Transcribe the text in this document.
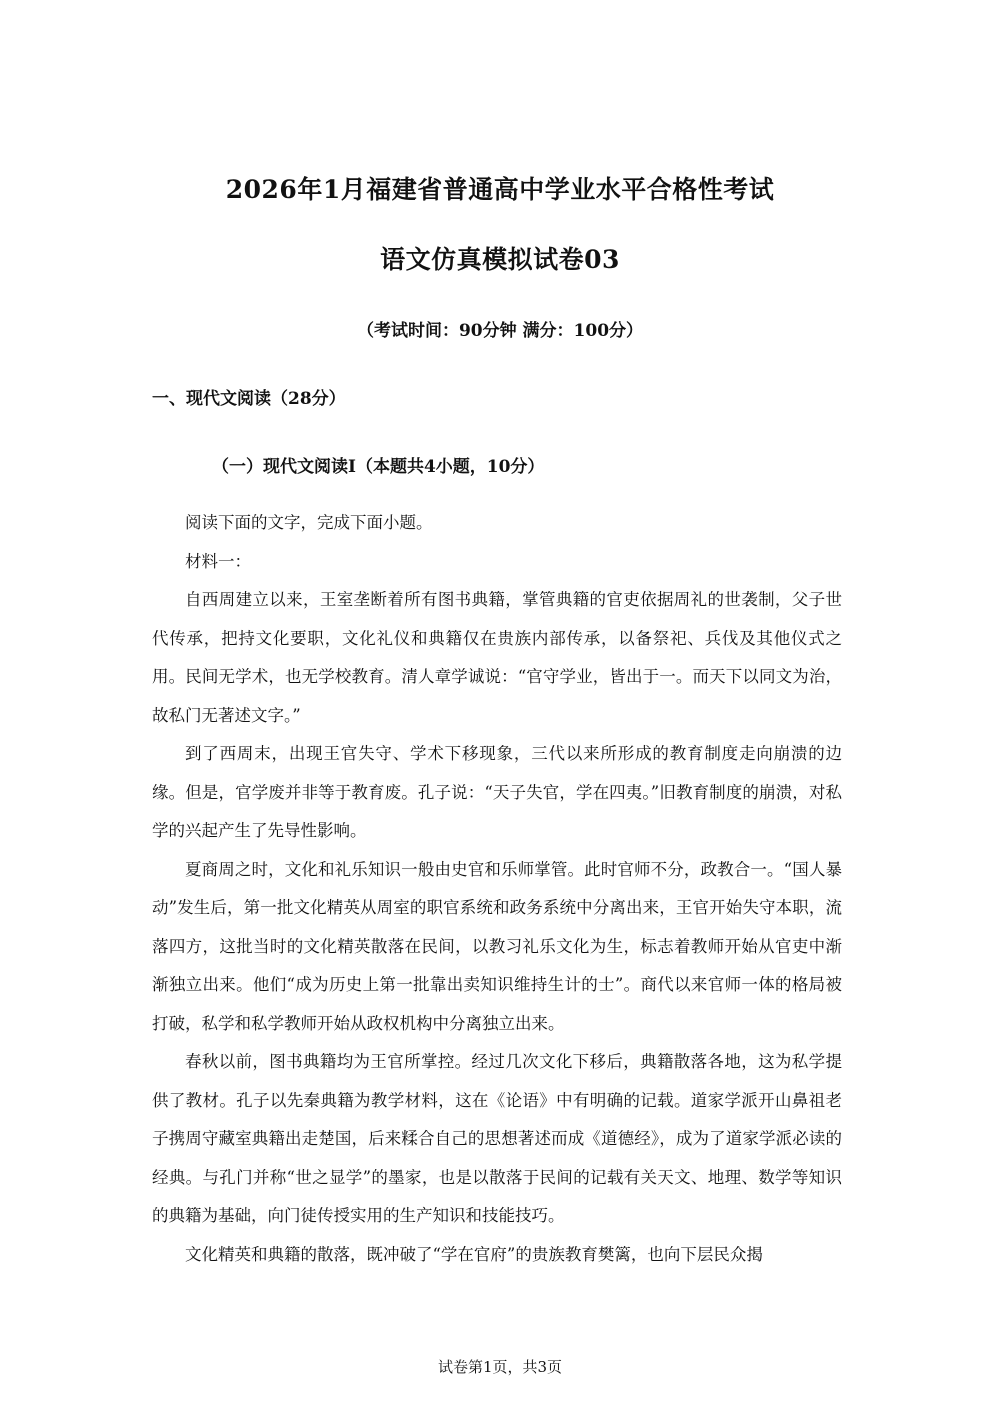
2026年1月福建省普通高中学业水平合格性考试
语文仿真模拟试卷03
（考试时间：90分钟 满分：100分）
一、现代文阅读（28分）
（一）现代文阅读Ⅰ（本题共4小题，10分）

阅读下面的文字，完成下面小题。

材料一：

自西周建立以来，王室垄断着所有图书典籍，掌管典籍的官吏依据周礼的世袭制，父子世代传承，把持文化要职，文化礼仪和典籍仅在贵族内部传承，以备祭祀、兵伐及其他仪式之用。民间无学术，也无学校教育。清人章学诚说：“官守学业，皆出于一。而天下以同文为治，故私门无著述文字。”

到了西周末，出现王官失守、学术下移现象，三代以来所形成的教育制度走向崩溃的边缘。但是，官学废并非等于教育废。孔子说：“天子失官，学在四夷。”旧教育制度的崩溃，对私学的兴起产生了先导性影响。

夏商周之时，文化和礼乐知识一般由史官和乐师掌管。此时官师不分，政教合一。“国人暴动”发生后，第一批文化精英从周室的职官系统和政务系统中分离出来，王官开始失守本职，流落四方，这批当时的文化精英散落在民间，以教习礼乐文化为生，标志着教师开始从官吏中渐渐独立出来。他们“成为历史上第一批靠出卖知识维持生计的士”。商代以来官师一体的格局被打破，私学和私学教师开始从政权机构中分离独立出来。

春秋以前，图书典籍均为王官所掌控。经过几次文化下移后，典籍散落各地，这为私学提供了教材。孔子以先秦典籍为教学材料，这在《论语》中有明确的记载。道家学派开山鼻祖老子携周守藏室典籍出走楚国，后来糅合自己的思想著述而成《道德经》，成为了道家学派必读的经典。与孔门并称“世之显学”的墨家，也是以散落于民间的记载有关天文、地理、数学等知识的典籍为基础，向门徒传授实用的生产知识和技能技巧。

文化精英和典籍的散落，既冲破了“学在官府”的贵族教育樊篱，也向下层民众揭

试卷第1页，共3页
